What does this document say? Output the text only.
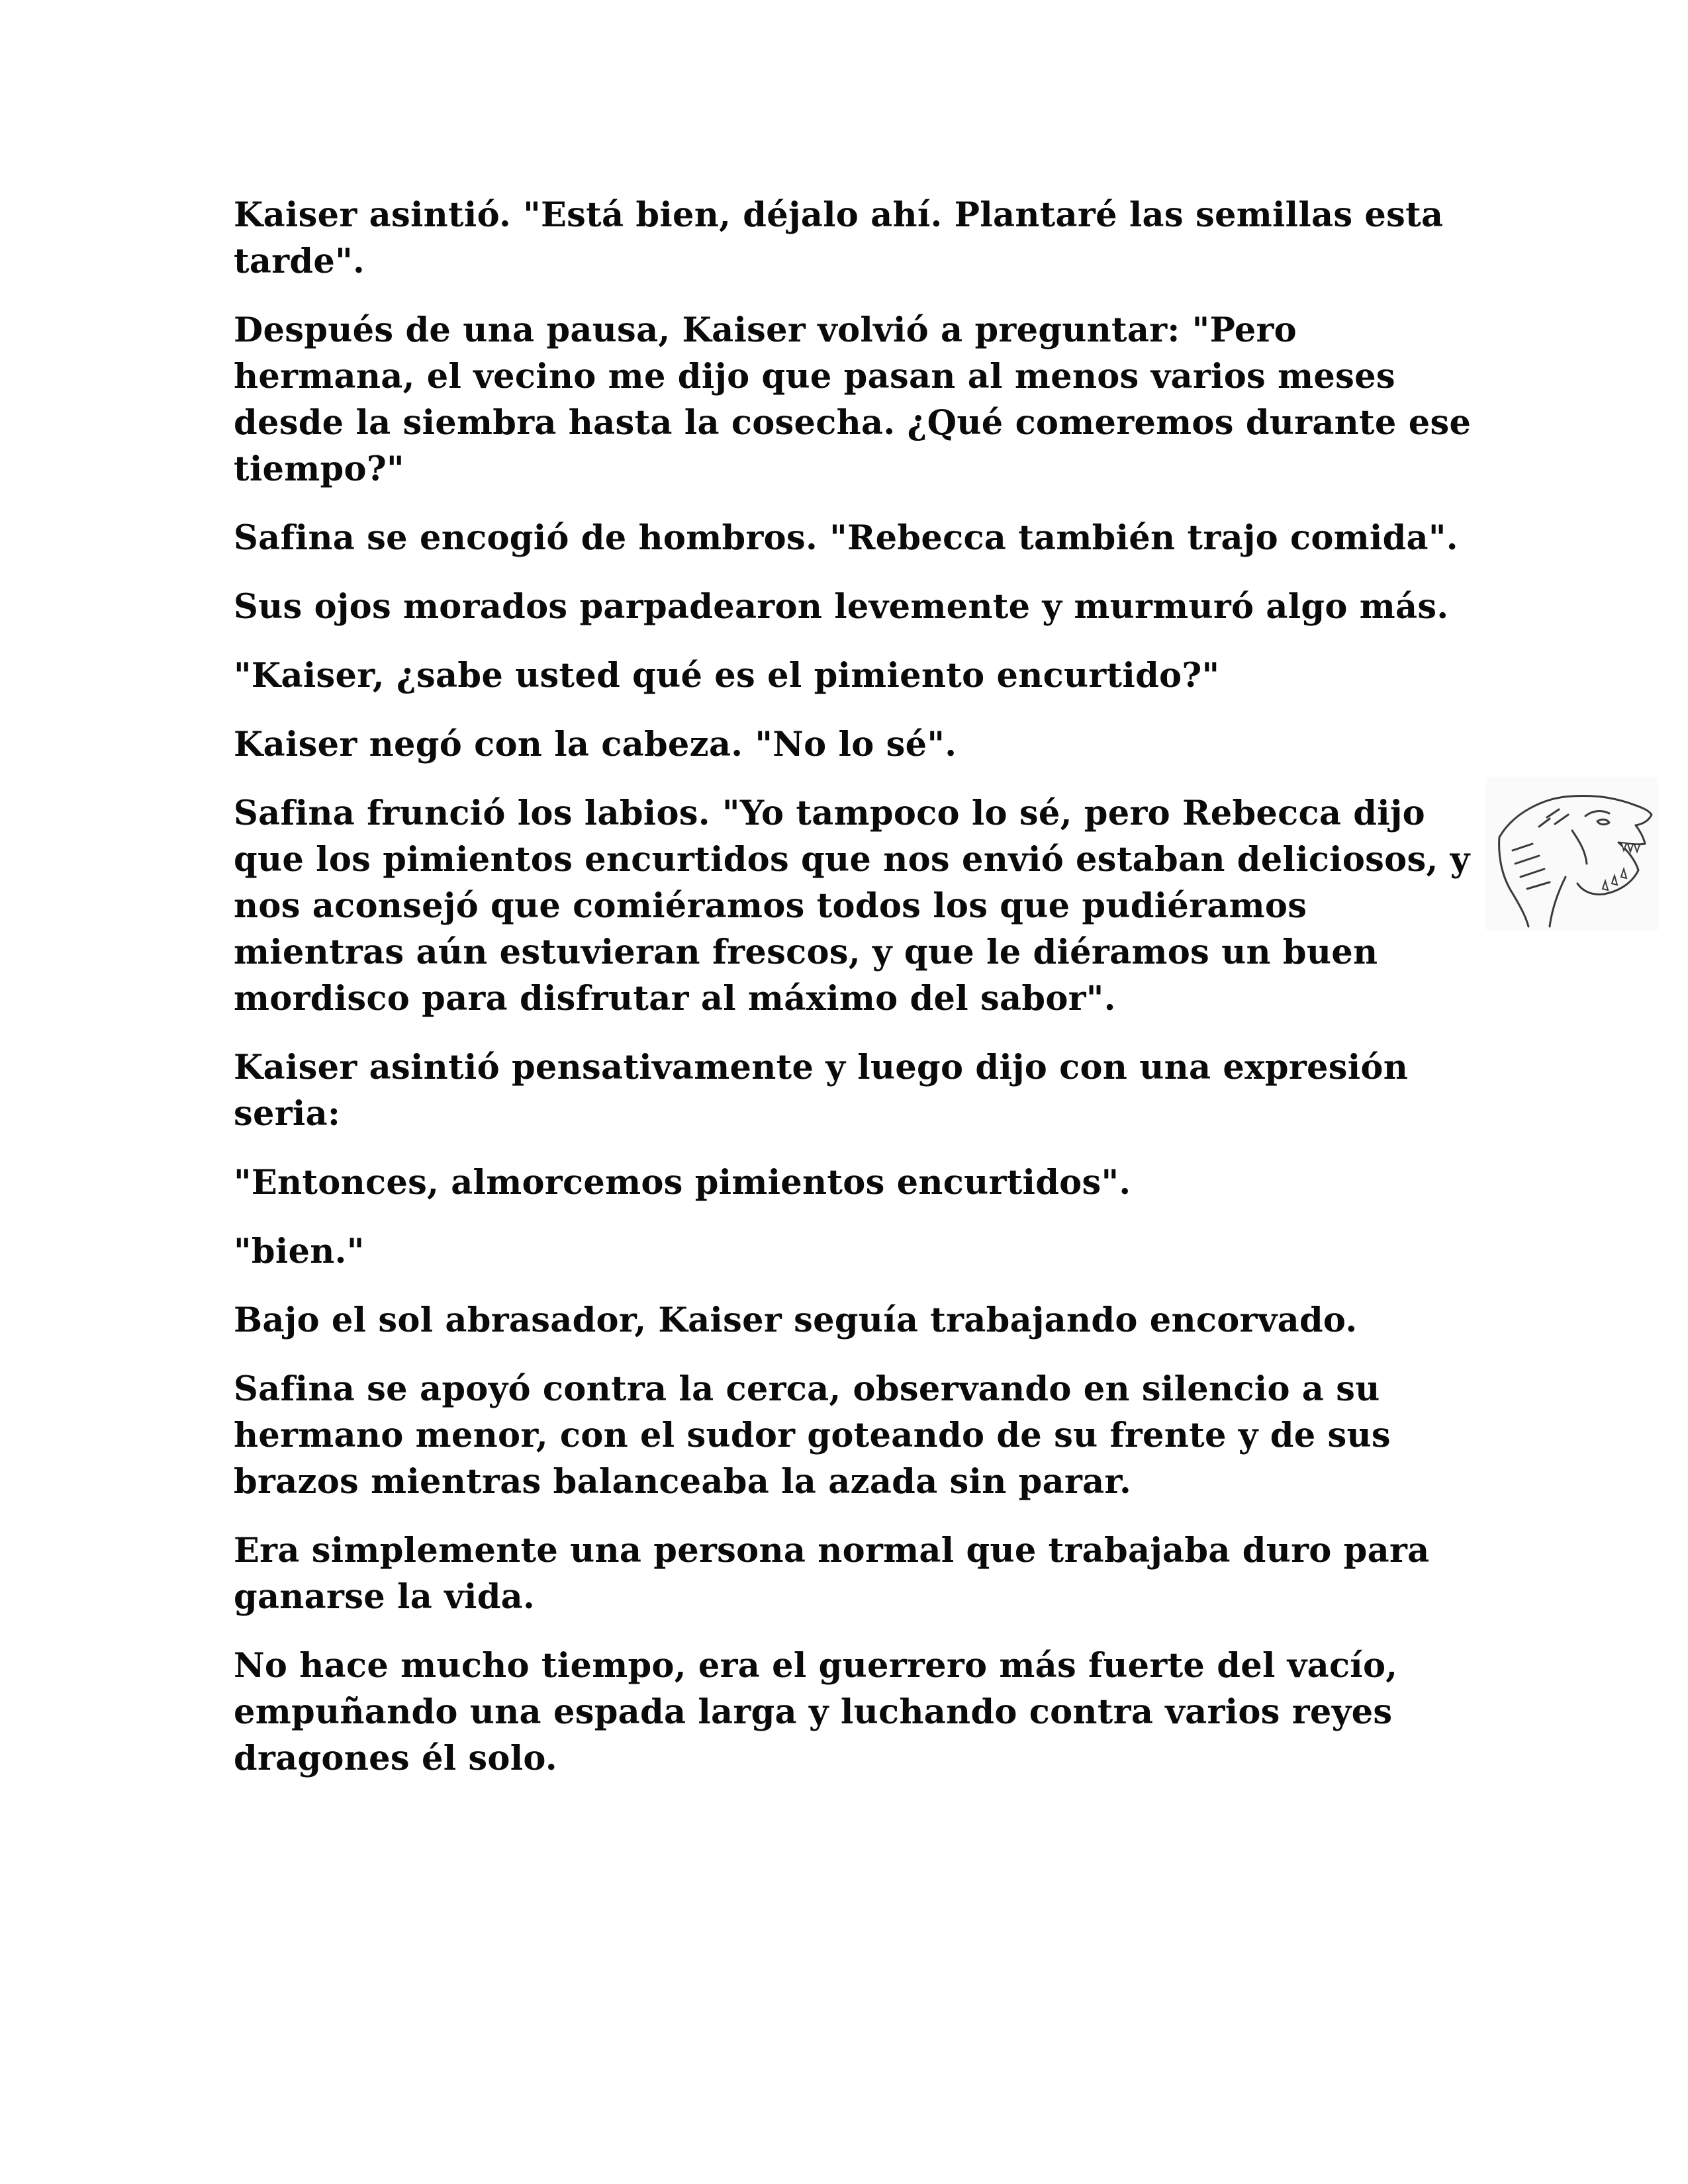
Kaiser asintió. "Está bien, déjalo ahí. Plantaré las semillas esta tarde".

Después de una pausa, Kaiser volvió a preguntar: "Pero hermana, el vecino me dijo que pasan al menos varios meses desde la siembra hasta la cosecha. ¿Qué comeremos durante ese tiempo?"

Safina se encogió de hombros. "Rebecca también trajo comida".

Sus ojos morados parpadearon levemente y murmuró algo más.

"Kaiser, ¿sabe usted qué es el pimiento encurtido?"

Kaiser negó con la cabeza. "No lo sé".

Safina frunció los labios. "Yo tampoco lo sé, pero Rebecca dijo que los pimientos encurtidos que nos envió estaban deliciosos, y nos aconsejó que comiéramos todos los que pudiéramos mientras aún estuvieran frescos, y que le diéramos un buen mordisco para disfrutar al máximo del sabor".

Kaiser asintió pensativamente y luego dijo con una expresión seria:

"Entonces, almorcemos pimientos encurtidos".

"bien."

Bajo el sol abrasador, Kaiser seguía trabajando encorvado.

Safina se apoyó contra la cerca, observando en silencio a su hermano menor, con el sudor goteando de su frente y de sus brazos mientras balanceaba la azada sin parar.

Era simplemente una persona normal que trabajaba duro para ganarse la vida.

No hace mucho tiempo, era el guerrero más fuerte del vacío, empuñando una espada larga y luchando contra varios reyes dragones él solo.
